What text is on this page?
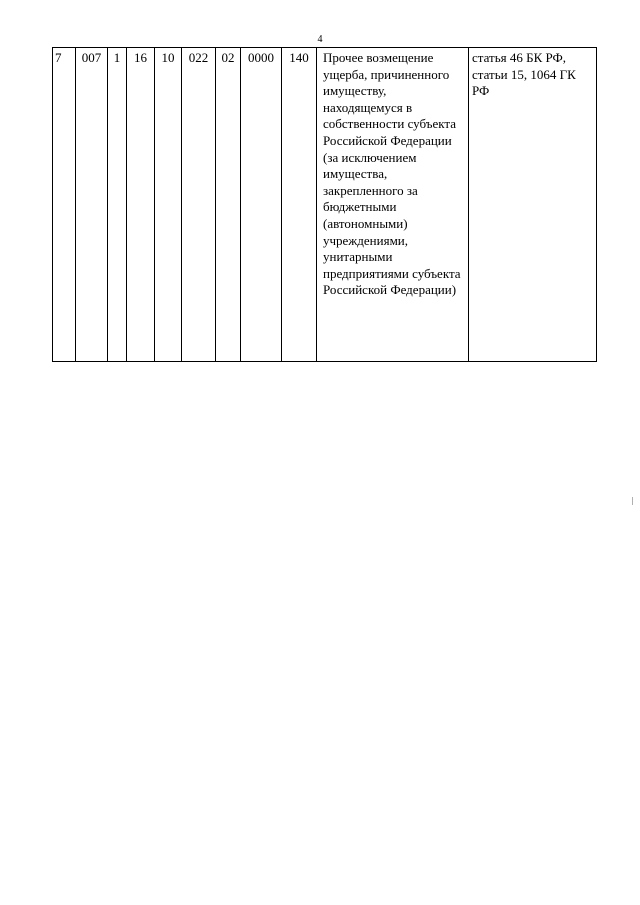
4
7	007	1	16	10	022	02	0000	140	Прочее возмещение ущерба, причиненного имуществу, находящемуся в собственности субъекта Российской Федерации (за исключением имущества, закрепленного за бюджетными (автономными) учреждениями, унитарными предприятиями субъекта Российской Федерации)	статья 46 БК РФ, статьи 15, 1064 ГК РФ
